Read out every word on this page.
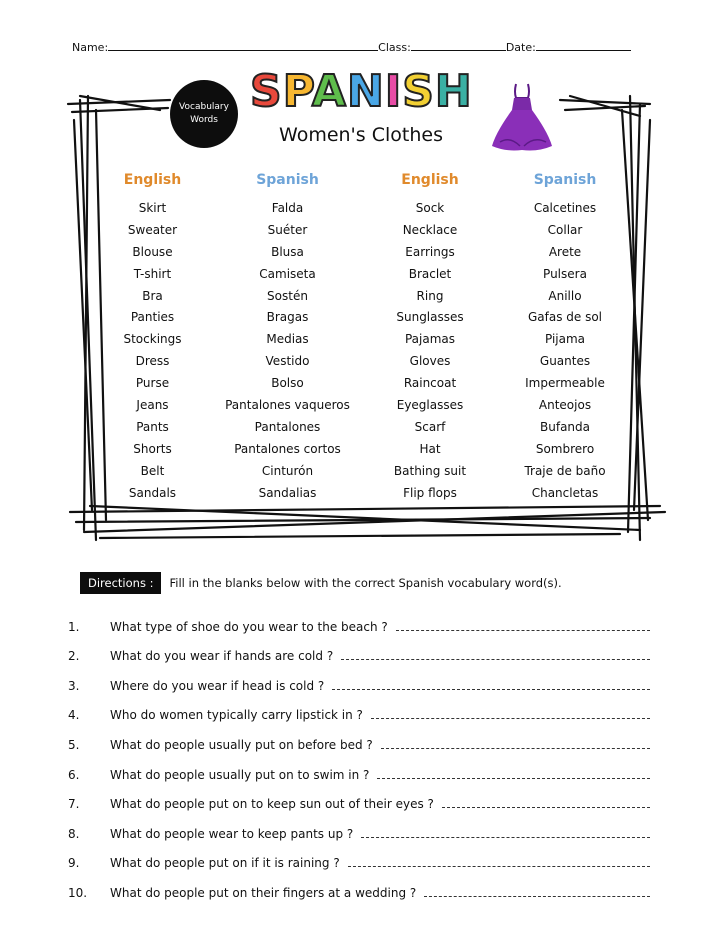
Name:	Class:	Date:
Vocabulary
Words
SPANISH
Women's Clothes
English	Spanish	English	Spanish
Skirt	Falda	Sock	Calcetines
Sweater	Suéter	Necklace	Collar
Blouse	Blusa	Earrings	Arete
T-shirt	Camiseta	Braclet	Pulsera
Bra	Sostén	Ring	Anillo
Panties	Bragas	Sunglasses	Gafas de sol
Stockings	Medias	Pajamas	Pijama
Dress	Vestido	Gloves	Guantes
Purse	Bolso	Raincoat	Impermeable
Jeans	Pantalones vaqueros	Eyeglasses	Anteojos
Pants	Pantalones	Scarf	Bufanda
Shorts	Pantalones cortos	Hat	Sombrero
Belt	Cinturón	Bathing suit	Traje de baño
Sandals	Sandalias	Flip flops	Chancletas
Directions :	Fill in the blanks below with the correct Spanish vocabulary word(s).
1.	What type of shoe do you wear to the beach ?
2.	What do you wear if hands are cold ?
3.	Where do you wear if head is cold ?
4.	Who do women typically carry lipstick in ?
5.	What do people usually put on before bed ?
6.	What do people usually put on to swim in ?
7.	What do people put on to keep sun out of their eyes ?
8.	What do people wear to keep pants up ?
9.	What do people put on if it is raining ?
10.	What do people put on their fingers at a wedding ?
